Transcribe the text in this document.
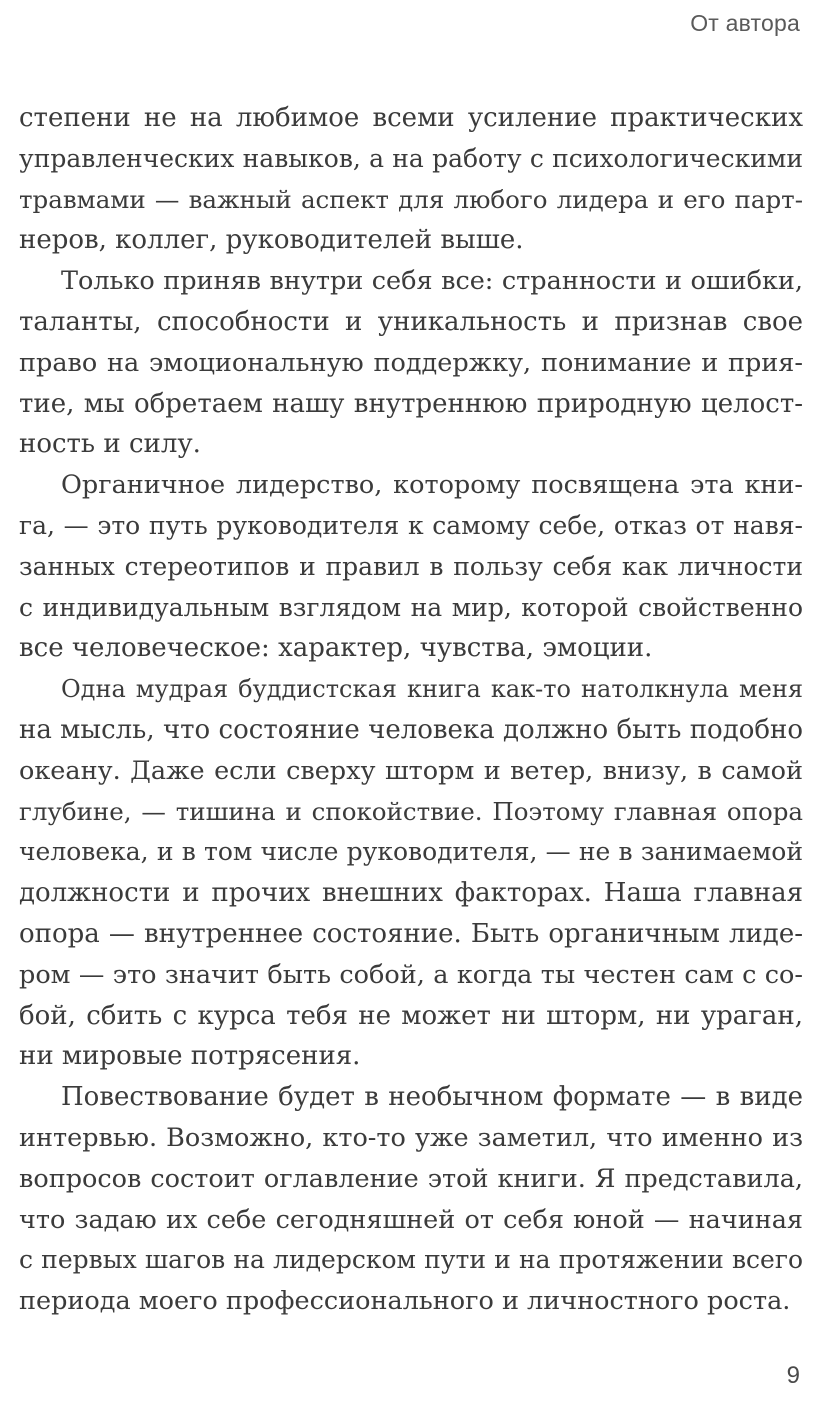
От автора
степени не на любимое всеми усиление практических
управленческих навыков, а на работу с психологическими
травмами — важный аспект для любого лидера и его парт-
неров, коллег, руководителей выше.
Только приняв внутри себя все: странности и ошибки,
таланты, способности и уникальность и признав свое
право на эмоциональную поддержку, понимание и прия-
тие, мы обретаем нашу внутреннюю природную целост-
ность и силу.
Органичное лидерство, которому посвящена эта кни-
га, — это путь руководителя к самому себе, отказ от навя-
занных стереотипов и правил в пользу себя как личности
с индивидуальным взглядом на мир, которой свойственно
все человеческое: характер, чувства, эмоции.
Одна мудрая буддистская книга как-то натолкнула меня
на мысль, что состояние человека должно быть подобно
океану. Даже если сверху шторм и ветер, внизу, в самой
глубине, — тишина и спокойствие. Поэтому главная опора
человека, и в том числе руководителя, — не в занимаемой
должности и прочих внешних факторах. Наша главная
опора — внутреннее состояние. Быть органичным лиде-
ром — это значит быть собой, а когда ты честен сам с со-
бой, сбить с курса тебя не может ни шторм, ни ураган,
ни мировые потрясения.
Повествование будет в необычном формате — в виде
интервью. Возможно, кто-то уже заметил, что именно из
вопросов состоит оглавление этой книги. Я представила,
что задаю их себе сегодняшней от себя юной — начиная
с первых шагов на лидерском пути и на протяжении всего
периода моего профессионального и личностного роста.
9
